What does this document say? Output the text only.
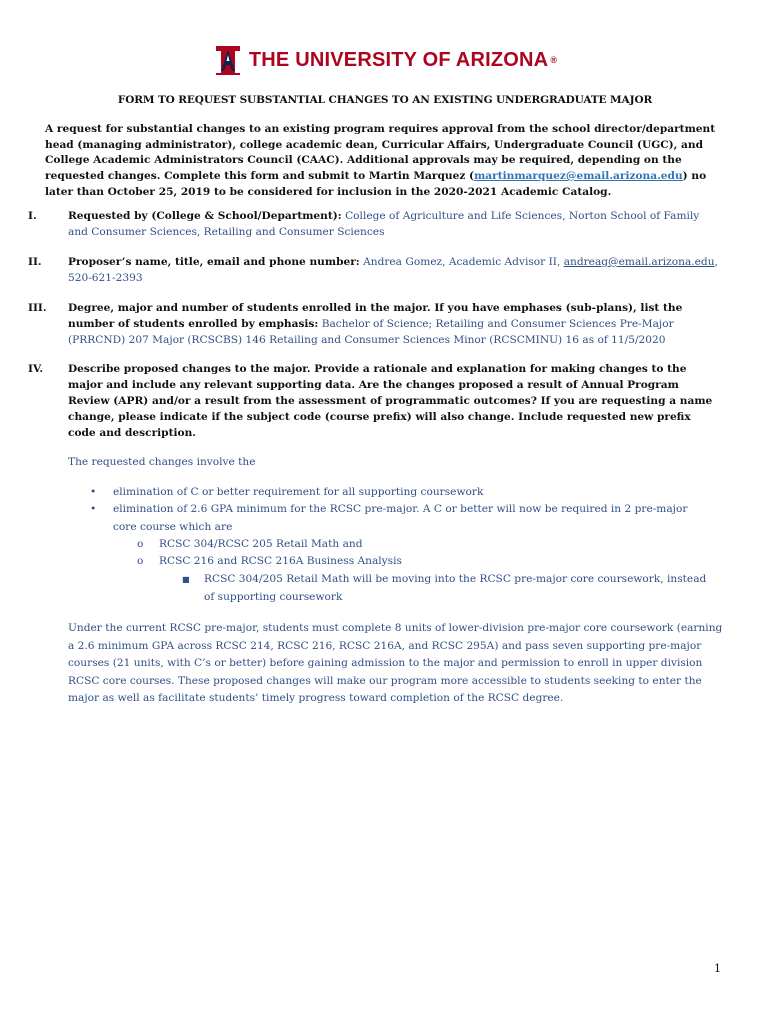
THE UNIVERSITY OF ARIZONA ®
FORM TO REQUEST SUBSTANTIAL CHANGES TO AN EXISTING UNDERGRADUATE MAJOR

A request for substantial changes to an existing program requires approval from the school director/department head (managing administrator), college academic dean, Curricular Affairs, Undergraduate Council (UGC), and College Academic Administrators Council (CAAC). Additional approvals may be required, depending on the requested changes. Complete this form and submit to Martin Marquez (martinmarquez@email.arizona.edu) no later than October 25, 2019 to be considered for inclusion in the 2020-2021 Academic Catalog.

I.	Requested by (College & School/Department): College of Agriculture and Life Sciences, Norton School of Family and Consumer Sciences, Retailing and Consumer Sciences
II.	Proposer’s name, title, email and phone number: Andrea Gomez, Academic Advisor II, andreag@email.arizona.edu, 520-621-2393
III.	Degree, major and number of students enrolled in the major. If you have emphases (sub-plans), list the number of students enrolled by emphasis: Bachelor of Science; Retailing and Consumer Sciences Pre-Major (PRRCND) 207 Major (RCSCBS) 146 Retailing and Consumer Sciences Minor (RCSCMINU) 16 as of 11/5/2020
IV.	Describe proposed changes to the major. Provide a rationale and explanation for making changes to the major and include any relevant supporting data. Are the changes proposed a result of Annual Program Review (APR) and/or a result from the assessment of programmatic outcomes? If you are requesting a name change, please indicate if the subject code (course prefix) will also change. Include requested new prefix code and description.
The requested changes involve the
• elimination of C or better requirement for all supporting coursework
• elimination of 2.6 GPA minimum for the RCSC pre-major. A C or better will now be required in 2 pre-major core course which are
o RCSC 304/RCSC 205 Retail Math and
o RCSC 216 and RCSC 216A Business Analysis
■ RCSC 304/205 Retail Math will be moving into the RCSC pre-major core coursework, instead of supporting coursework

Under the current RCSC pre-major, students must complete 8 units of lower-division pre-major core coursework (earning a 2.6 minimum GPA across RCSC 214, RCSC 216, RCSC 216A, and RCSC 295A) and pass seven supporting pre-major courses (21 units, with C’s or better) before gaining admission to the major and permission to enroll in upper division RCSC core courses. These proposed changes will make our program more accessible to students seeking to enter the major as well as facilitate students’ timely progress toward completion of the RCSC degree.

1
